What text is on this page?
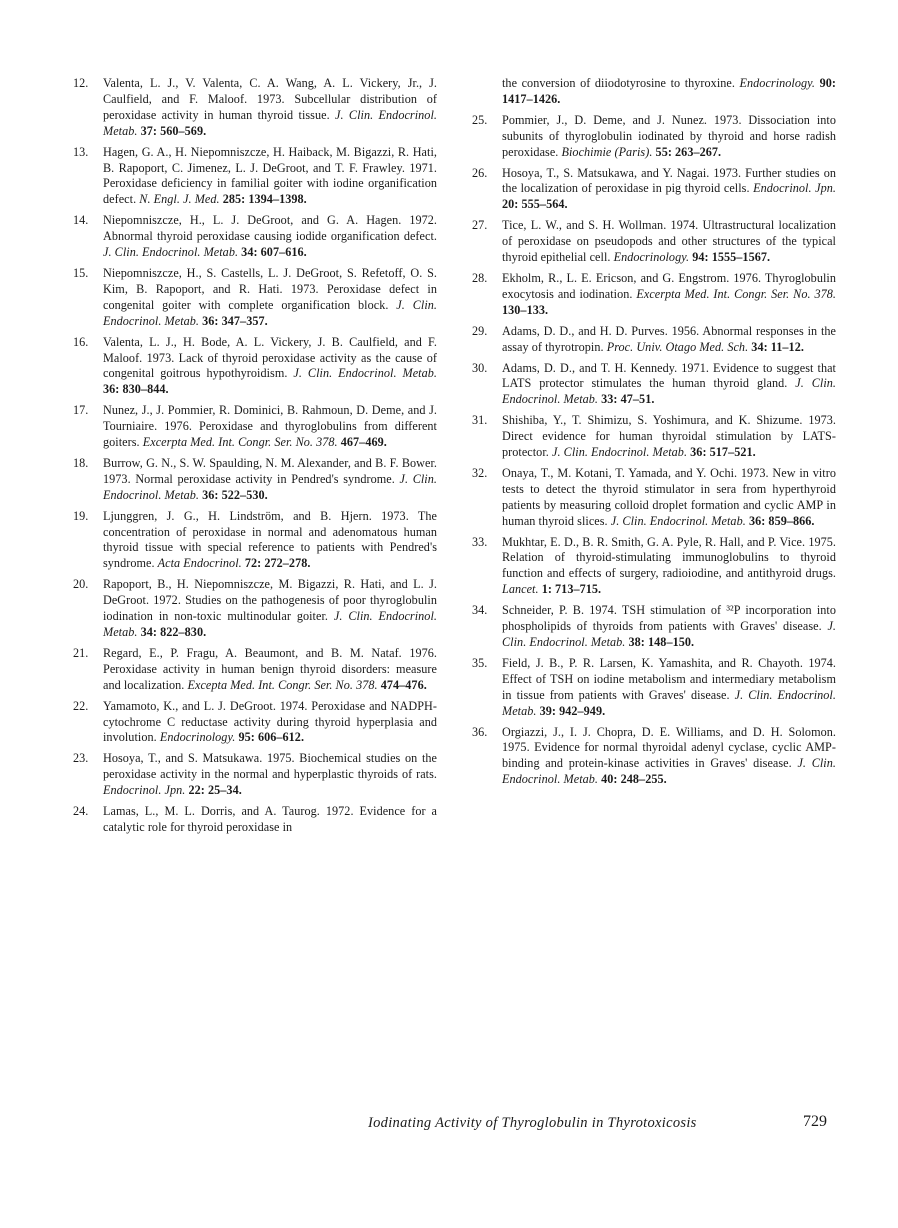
12.	Valenta, L. J., V. Valenta, C. A. Wang, A. L. Vickery, Jr., J. Caulfield, and F. Maloof. 1973. Subcellular distribution of peroxidase activity in human thyroid tissue. J. Clin. Endocrinol. Metab. 37: 560–569.
13.	Hagen, G. A., H. Niepomniszcze, H. Haiback, M. Bigazzi, R. Hati, B. Rapoport, C. Jimenez, L. J. DeGroot, and T. F. Frawley. 1971. Peroxidase deficiency in familial goiter with iodine organification defect. N. Engl. J. Med. 285: 1394–1398.
14.	Niepomniszcze, H., L. J. DeGroot, and G. A. Hagen. 1972. Abnormal thyroid peroxidase causing iodide organification defect. J. Clin. Endocrinol. Metab. 34: 607–616.
15.	Niepomniszcze, H., S. Castells, L. J. DeGroot, S. Refetoff, O. S. Kim, B. Rapoport, and R. Hati. 1973. Peroxidase defect in congenital goiter with complete organification block. J. Clin. Endocrinol. Metab. 36: 347–357.
16.	Valenta, L. J., H. Bode, A. L. Vickery, J. B. Caulfield, and F. Maloof. 1973. Lack of thyroid peroxidase activity as the cause of congenital goitrous hypothyroidism. J. Clin. Endocrinol. Metab. 36: 830–844.
17.	Nunez, J., J. Pommier, R. Dominici, B. Rahmoun, D. Deme, and J. Tourniaire. 1976. Peroxidase and thyroglobulins from different goiters. Excerpta Med. Int. Congr. Ser. No. 378. 467–469.
18.	Burrow, G. N., S. W. Spaulding, N. M. Alexander, and B. F. Bower. 1973. Normal peroxidase activity in Pendred's syndrome. J. Clin. Endocrinol. Metab. 36: 522–530.
19.	Ljunggren, J. G., H. Lindström, and B. Hjern. 1973. The concentration of peroxidase in normal and adenomatous human thyroid tissue with special reference to patients with Pendred's syndrome. Acta Endocrinol. 72: 272–278.
20.	Rapoport, B., H. Niepomniszcze, M. Bigazzi, R. Hati, and L. J. DeGroot. 1972. Studies on the pathogenesis of poor thyroglobulin iodination in non-toxic multinodular goiter. J. Clin. Endocrinol. Metab. 34: 822–830.
21.	Regard, E., P. Fragu, A. Beaumont, and B. M. Nataf. 1976. Peroxidase activity in human benign thyroid disorders: measure and localization. Excepta Med. Int. Congr. Ser. No. 378. 474–476.
22.	Yamamoto, K., and L. J. DeGroot. 1974. Peroxidase and NADPH-cytochrome C reductase activity during thyroid hyperplasia and involution. Endocrinology. 95: 606–612.
23.	Hosoya, T., and S. Matsukawa. 1975. Biochemical studies on the peroxidase activity in the normal and hyperplastic thyroids of rats. Endocrinol. Jpn. 22: 25–34.
24.	Lamas, L., M. L. Dorris, and A. Taurog. 1972. Evidence for a catalytic role for thyroid peroxidase in
the conversion of diiodotyrosine to thyroxine. Endocrinology. 90: 1417–1426.
25.	Pommier, J., D. Deme, and J. Nunez. 1973. Dissociation into subunits of thyroglobulin iodinated by thyroid and horse radish peroxidase. Biochimie (Paris). 55: 263–267.
26.	Hosoya, T., S. Matsukawa, and Y. Nagai. 1973. Further studies on the localization of peroxidase in pig thyroid cells. Endocrinol. Jpn. 20: 555–564.
27.	Tice, L. W., and S. H. Wollman. 1974. Ultrastructural localization of peroxidase on pseudopods and other structures of the typical thyroid epithelial cell. Endocrinology. 94: 1555–1567.
28.	Ekholm, R., L. E. Ericson, and G. Engstrom. 1976. Thyroglobulin exocytosis and iodination. Excerpta Med. Int. Congr. Ser. No. 378. 130–133.
29.	Adams, D. D., and H. D. Purves. 1956. Abnormal responses in the assay of thyrotropin. Proc. Univ. Otago Med. Sch. 34: 11–12.
30.	Adams, D. D., and T. H. Kennedy. 1971. Evidence to suggest that LATS protector stimulates the human thyroid gland. J. Clin. Endocrinol. Metab. 33: 47–51.
31.	Shishiba, Y., T. Shimizu, S. Yoshimura, and K. Shizume. 1973. Direct evidence for human thyroidal stimulation by LATS-protector. J. Clin. Endocrinol. Metab. 36: 517–521.
32.	Onaya, T., M. Kotani, T. Yamada, and Y. Ochi. 1973. New in vitro tests to detect the thyroid stimulator in sera from hyperthyroid patients by measuring colloid droplet formation and cyclic AMP in human thyroid slices. J. Clin. Endocrinol. Metab. 36: 859–866.
33.	Mukhtar, E. D., B. R. Smith, G. A. Pyle, R. Hall, and P. Vice. 1975. Relation of thyroid-stimulating immunoglobulins to thyroid function and effects of surgery, radioiodine, and antithyroid drugs. Lancet. 1: 713–715.
34.	Schneider, P. B. 1974. TSH stimulation of ³²P incorporation into phospholipids of thyroids from patients with Graves' disease. J. Clin. Endocrinol. Metab. 38: 148–150.
35.	Field, J. B., P. R. Larsen, K. Yamashita, and R. Chayoth. 1974. Effect of TSH on iodine metabolism and intermediary metabolism in tissue from patients with Graves' disease. J. Clin. Endocrinol. Metab. 39: 942–949.
36.	Orgiazzi, J., I. J. Chopra, D. E. Williams, and D. H. Solomon. 1975. Evidence for normal thyroidal adenyl cyclase, cyclic AMP-binding and protein-kinase activities in Graves' disease. J. Clin. Endocrinol. Metab. 40: 248–255.
Iodinating Activity of Thyroglobulin in Thyrotoxicosis	729
